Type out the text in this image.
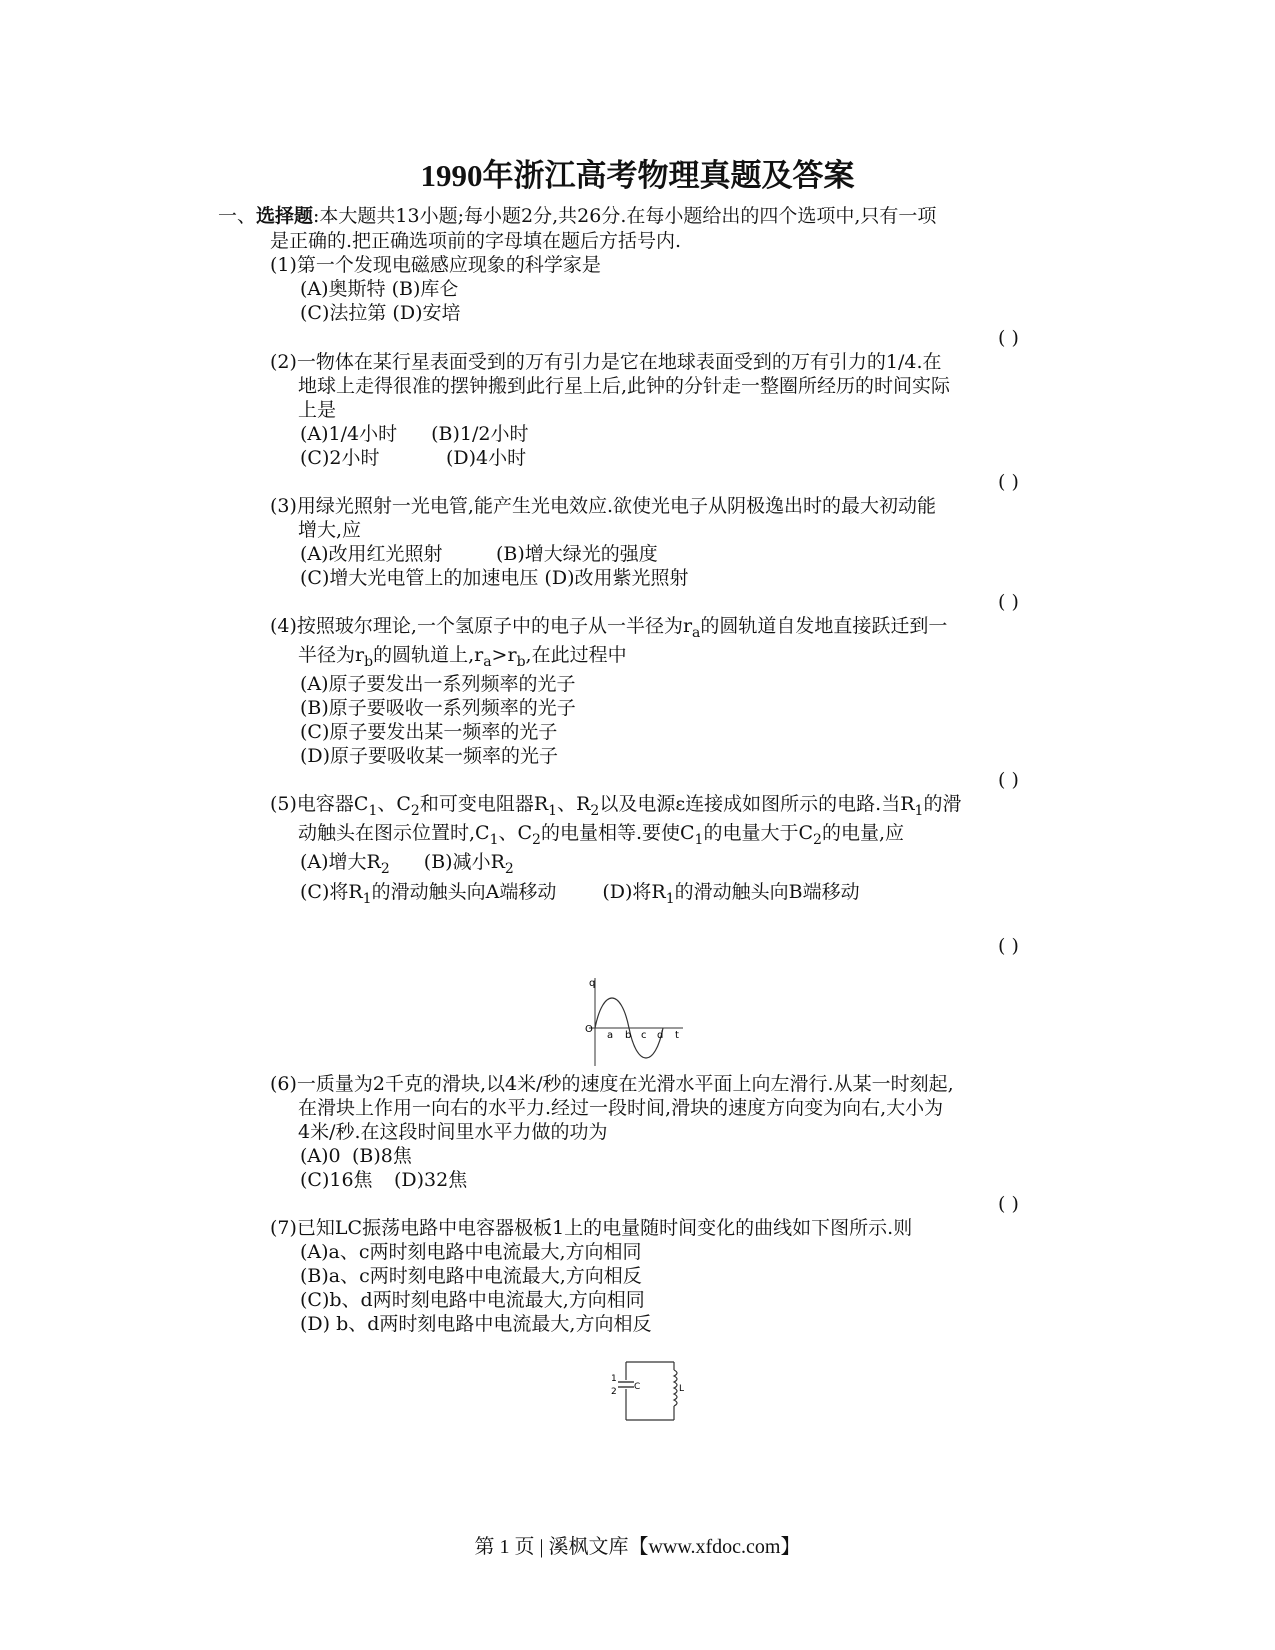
1990年浙江高考物理真题及答案
一、选择题:本大题共13小题;每小题2分,共26分.在每小题给出的四个选项中,只有一项
是正确的.把正确选项前的字母填在题后方括号内.
(1)第一个发现电磁感应现象的科学家是
(A)奥斯特 (B)库仑
(C)法拉第 (D)安培
( )
(2)一物体在某行星表面受到的万有引力是它在地球表面受到的万有引力的1/4.在
地球上走得很准的摆钟搬到此行星上后,此钟的分针走一整圈所经历的时间实际
上是
(A)1/4小时 (B)1/2小时
(C)2小时	(D)4小时
( )
(3)用绿光照射一光电管,能产生光电效应.欲使光电子从阴极逸出时的最大初动能
增大,应
(A)改用红光照射	(B)增大绿光的强度
(C)增大光电管上的加速电压 (D)改用紫光照射
( )
(4)按照玻尔理论,一个氢原子中的电子从一半径为$r_a$的圆轨道自发地直接跃迁到一
半径为$r_b$的圆轨道上$,r_a>r_b$,在此过程中
(A)原子要发出一系列频率的光子
(B)原子要吸收一系列频率的光子
(C)原子要发出某一频率的光子
(D)原子要吸收某一频率的光子
( )
(5)电容器$C_1$、$C_2$和可变电阻器$R_1$、$R_2$以及电源ε连接成如图所示的电路.当$R_1$的滑
动触头在图示位置时$,C_1$、$C_2$的电量相等.要使$C_1$的电量大于$C_2$的电量,应
(A)增大$R_2$ (B)减小$R_2$
(C)将$R_1$的滑动触头向A端移动 (D)将$R_1$的滑动触头向B端移动
( )
q
O
a b c d t
(6)一质量为2千克的滑块,以4米/秒的速度在光滑水平面上向左滑行.从某一时刻起,
在滑块上作用一向右的水平力.经过一段时间,滑块的速度方向变为向右,大小为
4米/秒.在这段时间里水平力做的功为
(A)0 (B)8焦
(C)16焦 (D)32焦
( )
(7)已知LC振荡电路中电容器极板1上的电量随时间变化的曲线如下图所示.则
(A)a、c两时刻电路中电流最大,方向相同
(B)a、c两时刻电路中电流最大,方向相反
(C)b、d两时刻电路中电流最大,方向相同
(D) b、d两时刻电路中电流最大,方向相反
1
2 C	L
第 1 页 | 溪枫文库【www.xfdoc.com】
